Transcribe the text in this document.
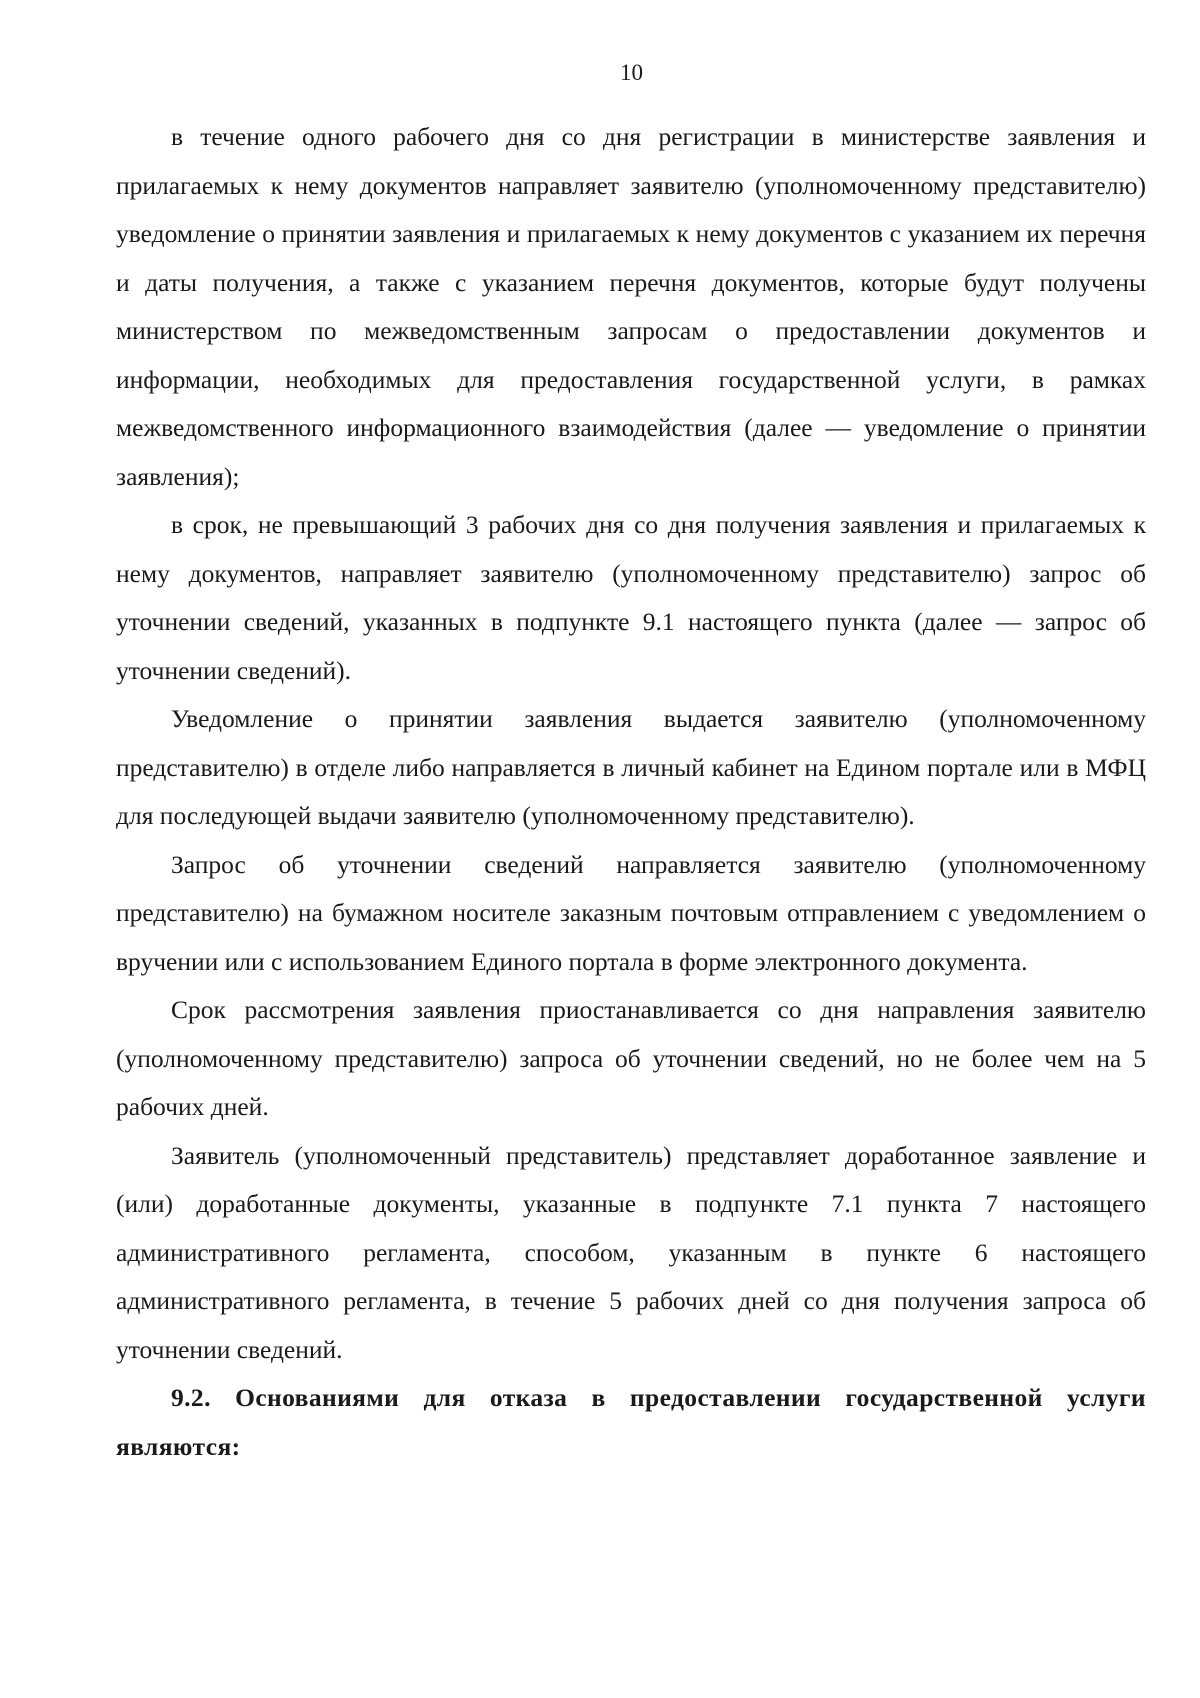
10

в течение одного рабочего дня со дня регистрации в министерстве заявления и прилагаемых к нему документов направляет заявителю (уполномоченному представителю) уведомление о принятии заявления и прилагаемых к нему документов с указанием их перечня и даты получения, а также с указанием перечня документов, которые будут получены министерством по межведомственным запросам о предоставлении документов и информации, необходимых для предоставления государственной услуги, в рамках межведомственного информационного взаимодействия (далее — уведомление о принятии заявления);

в срок, не превышающий 3 рабочих дня со дня получения заявления и прилагаемых к нему документов, направляет заявителю (уполномоченному представителю) запрос об уточнении сведений, указанных в подпункте 9.1 настоящего пункта (далее — запрос об уточнении сведений).

Уведомление о принятии заявления выдается заявителю (уполномоченному представителю) в отделе либо направляется в личный кабинет на Едином портале или в МФЦ для последующей выдачи заявителю (уполномоченному представителю).

Запрос об уточнении сведений направляется заявителю (уполномоченному представителю) на бумажном носителе заказным почтовым отправлением с уведомлением о вручении или с использованием Единого портала в форме электронного документа.

Срок рассмотрения заявления приостанавливается со дня направления заявителю (уполномоченному представителю) запроса об уточнении сведений, но не более чем на 5 рабочих дней.

Заявитель (уполномоченный представитель) представляет доработанное заявление и (или) доработанные документы, указанные в подпункте 7.1 пункта 7 настоящего административного регламента, способом, указанным в пункте 6 настоящего административного регламента, в течение 5 рабочих дней со дня получения запроса об уточнении сведений.

9.2. Основаниями для отказа в предоставлении государственной услуги являются:
